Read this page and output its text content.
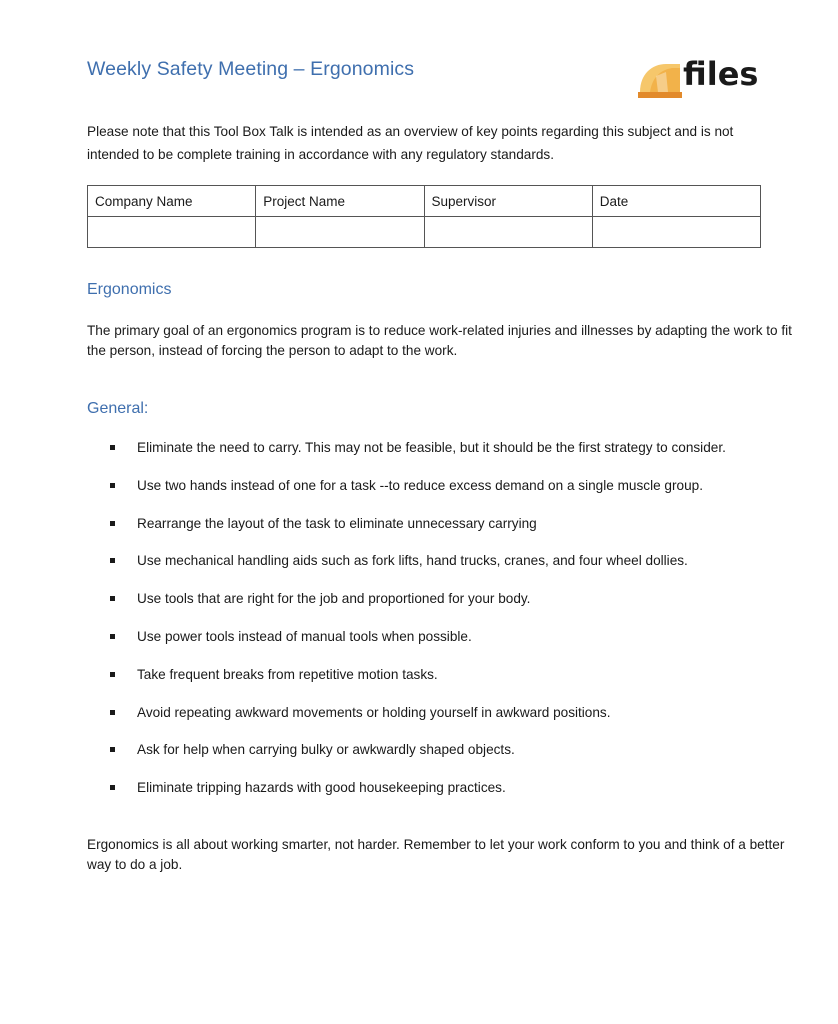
Weekly Safety Meeting – Ergonomics	files
Please note that this Tool Box Talk is intended as an overview of key points regarding this subject and is not intended to be complete training in accordance with any regulatory standards.
Company Name	Project Name	Supervisor	Date

Ergonomics
The primary goal of an ergonomics program is to reduce work-related injuries and illnesses by adapting the work to fit the person, instead of forcing the person to adapt to the work.
General:
Eliminate the need to carry. This may not be feasible, but it should be the first strategy to consider.
Use two hands instead of one for a task --to reduce excess demand on a single muscle group.
Rearrange the layout of the task to eliminate unnecessary carrying
Use mechanical handling aids such as fork lifts, hand trucks, cranes, and four wheel dollies.
Use tools that are right for the job and proportioned for your body.
Use power tools instead of manual tools when possible.
Take frequent breaks from repetitive motion tasks.
Avoid repeating awkward movements or holding yourself in awkward positions.
Ask for help when carrying bulky or awkwardly shaped objects.
Eliminate tripping hazards with good housekeeping practices.
Ergonomics is all about working smarter, not harder. Remember to let your work conform to you and think of a better way to do a job.
